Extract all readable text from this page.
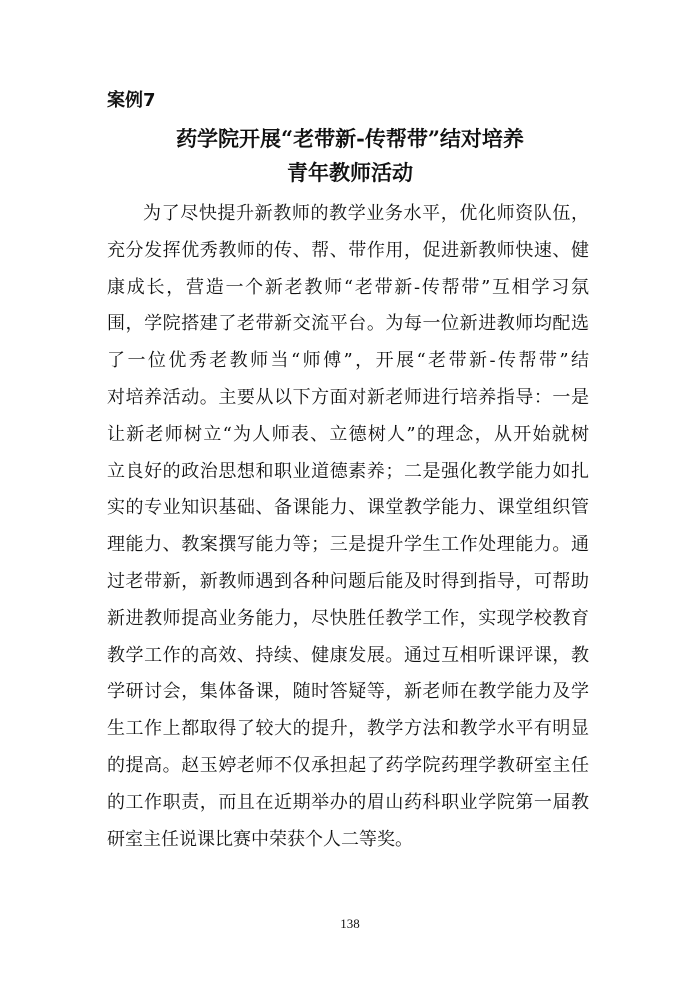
案例7
药学院开展“老带新-传帮带”结对培养
青年教师活动
为了尽快提升新教师的教学业务水平，优化师资队伍，
充分发挥优秀教师的传、帮、带作用，促进新教师快速、健
康成长，营造一个新老教师“老带新-传帮带”互相学习氛
围，学院搭建了老带新交流平台。为每一位新进教师均配选
了一位优秀老教师当“师傅”，开展“老带新-传帮带”结
对培养活动。主要从以下方面对新老师进行培养指导：一是
让新老师树立“为人师表、立德树人”的理念，从开始就树
立良好的政治思想和职业道德素养；二是强化教学能力如扎
实的专业知识基础、备课能力、课堂教学能力、课堂组织管
理能力、教案撰写能力等；三是提升学生工作处理能力。通
过老带新，新教师遇到各种问题后能及时得到指导，可帮助
新进教师提高业务能力，尽快胜任教学工作，实现学校教育
教学工作的高效、持续、健康发展。通过互相听课评课，教
学研讨会，集体备课，随时答疑等，新老师在教学能力及学
生工作上都取得了较大的提升，教学方法和教学水平有明显
的提高。赵玉婷老师不仅承担起了药学院药理学教研室主任
的工作职责，而且在近期举办的眉山药科职业学院第一届教
研室主任说课比赛中荣获个人二等奖。
138
